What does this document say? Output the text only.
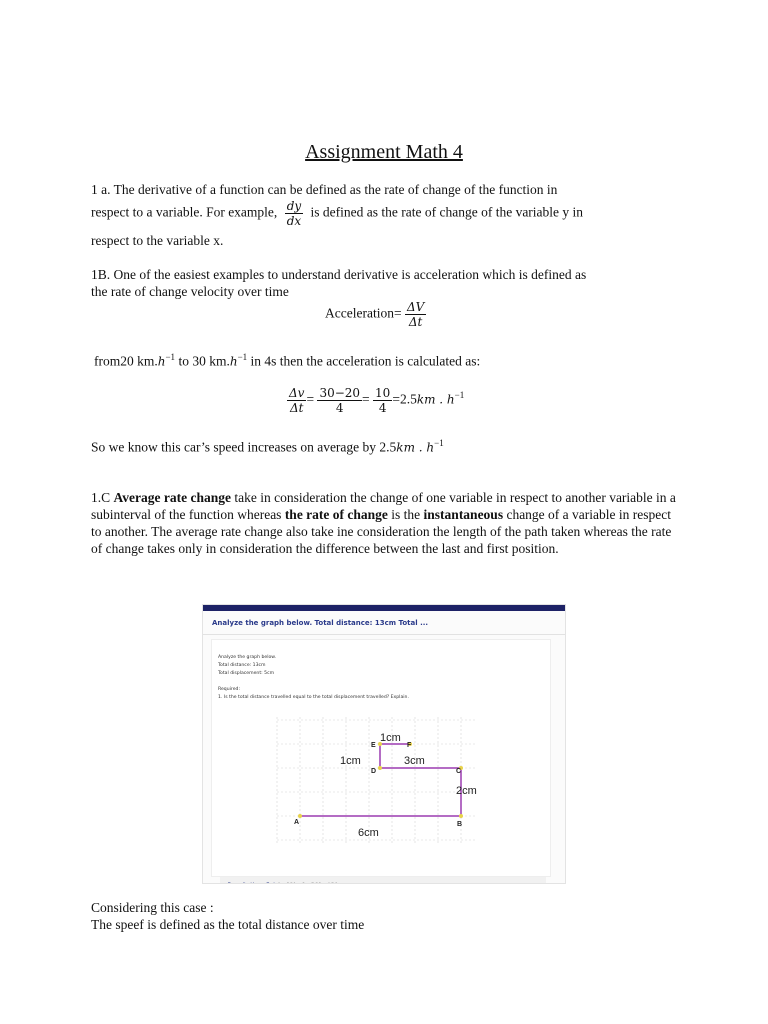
Assignment Math 4
1 a. The derivative of a function can be defined as the rate of change of the function in
respect to a variable. For example, $\frac{dy}{dx}$ is defined as the rate of change of the variable y in
respect to the variable x.
1B. One of the easiest examples to understand derivative is acceleration which is defined as
the rate of change velocity over time
Acceleration= $\frac{\Delta V}{\Delta t}$
from20 $km.h^{-1}$ to 30 $km.h^{-1}$ in 4s then the acceleration is calculated as:
$\frac{\Delta v}{\Delta t} = \frac{30-20}{4} = \frac{10}{4} =2.5km$ . $h^{-1}$
So we know this car’s speed increases on average by 2.5km . $h^{-1}$
1.C Average rate change take in consideration the change of one variable in respect to another variable in a subinterval of the function whereas the rate of change is the instantaneous change of a variable in respect to another. The average rate change also take ine consideration the length of the path taken whereas the rate of change takes only in consideration the difference between the last and first position.
Analyze the graph below. Total distance: 13cm Total ...
Analyze the graph below.
Total distance: 13cm
Total displacement: 5cm
Required:
1. Is the total distance travelled equal to the total displacement travelled? Explain.
1cm
1cm	3cm
2cm
6cm
A	B
C
D
E	F
Transcribed Image Text: 1cm E F 1cm 3cm D C 2cm A B 6cm
Considering this case :
The speef is defined as the total distance over time
